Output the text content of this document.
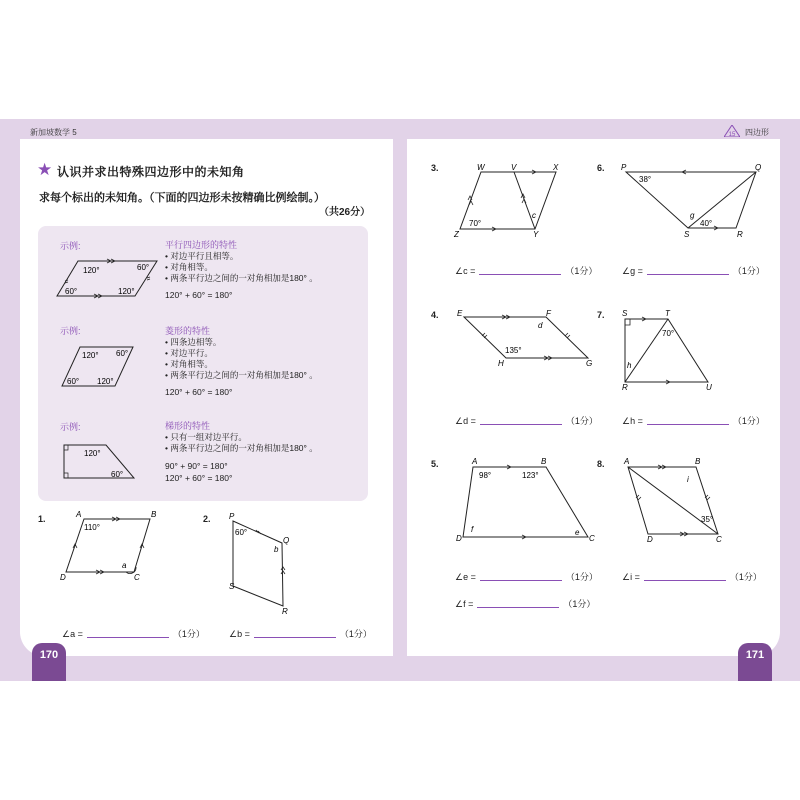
新加坡数学 5	15 四边形
170	171
★ 认识并求出特殊四边形中的未知角
求每个标出的未知角。（下面的四边形未按精确比例绘制。）
（共26分）
示例:
120°	60°
60°	120°
平行四边形的特性
• 对边平行且相等。
• 对角相等。
• 两条平行边之间的一对角相加是180° 。
120° + 60° = 180°
示例:
120° 60°
60° 120°
菱形的特性
• 四条边相等。
• 对边平行。
• 对角相等。
• 两条平行边之间的一对角相加是180° 。
120° + 60° = 180°
示例:
120°
60°
梯形的特性
• 只有一组对边平行。
• 两条平行边之间的一对角相加是180° 。
90° + 90° = 180°
120° + 60° = 180°
1.	A	B
C
D
110°
a
∠a =	（1分）
2. P
Q
R
S
60°
b
∠b =	（1分）
3.	W	V	X
Z	Y
70°
c
∠c =	（1分）
4. E	F
G
H
135°
d
∠d =	（1分）
5.	A	B
C
D
98°	123°
e
f
∠e =	（1分）
∠f =	（1分）
6. P	Q
S	R
38°
40°
g
∠g =	（1分）
7. S	T
R	U
70°
h
∠h =	（1分）
8. A	B
C
D
35°
i
∠i =	（1分）
